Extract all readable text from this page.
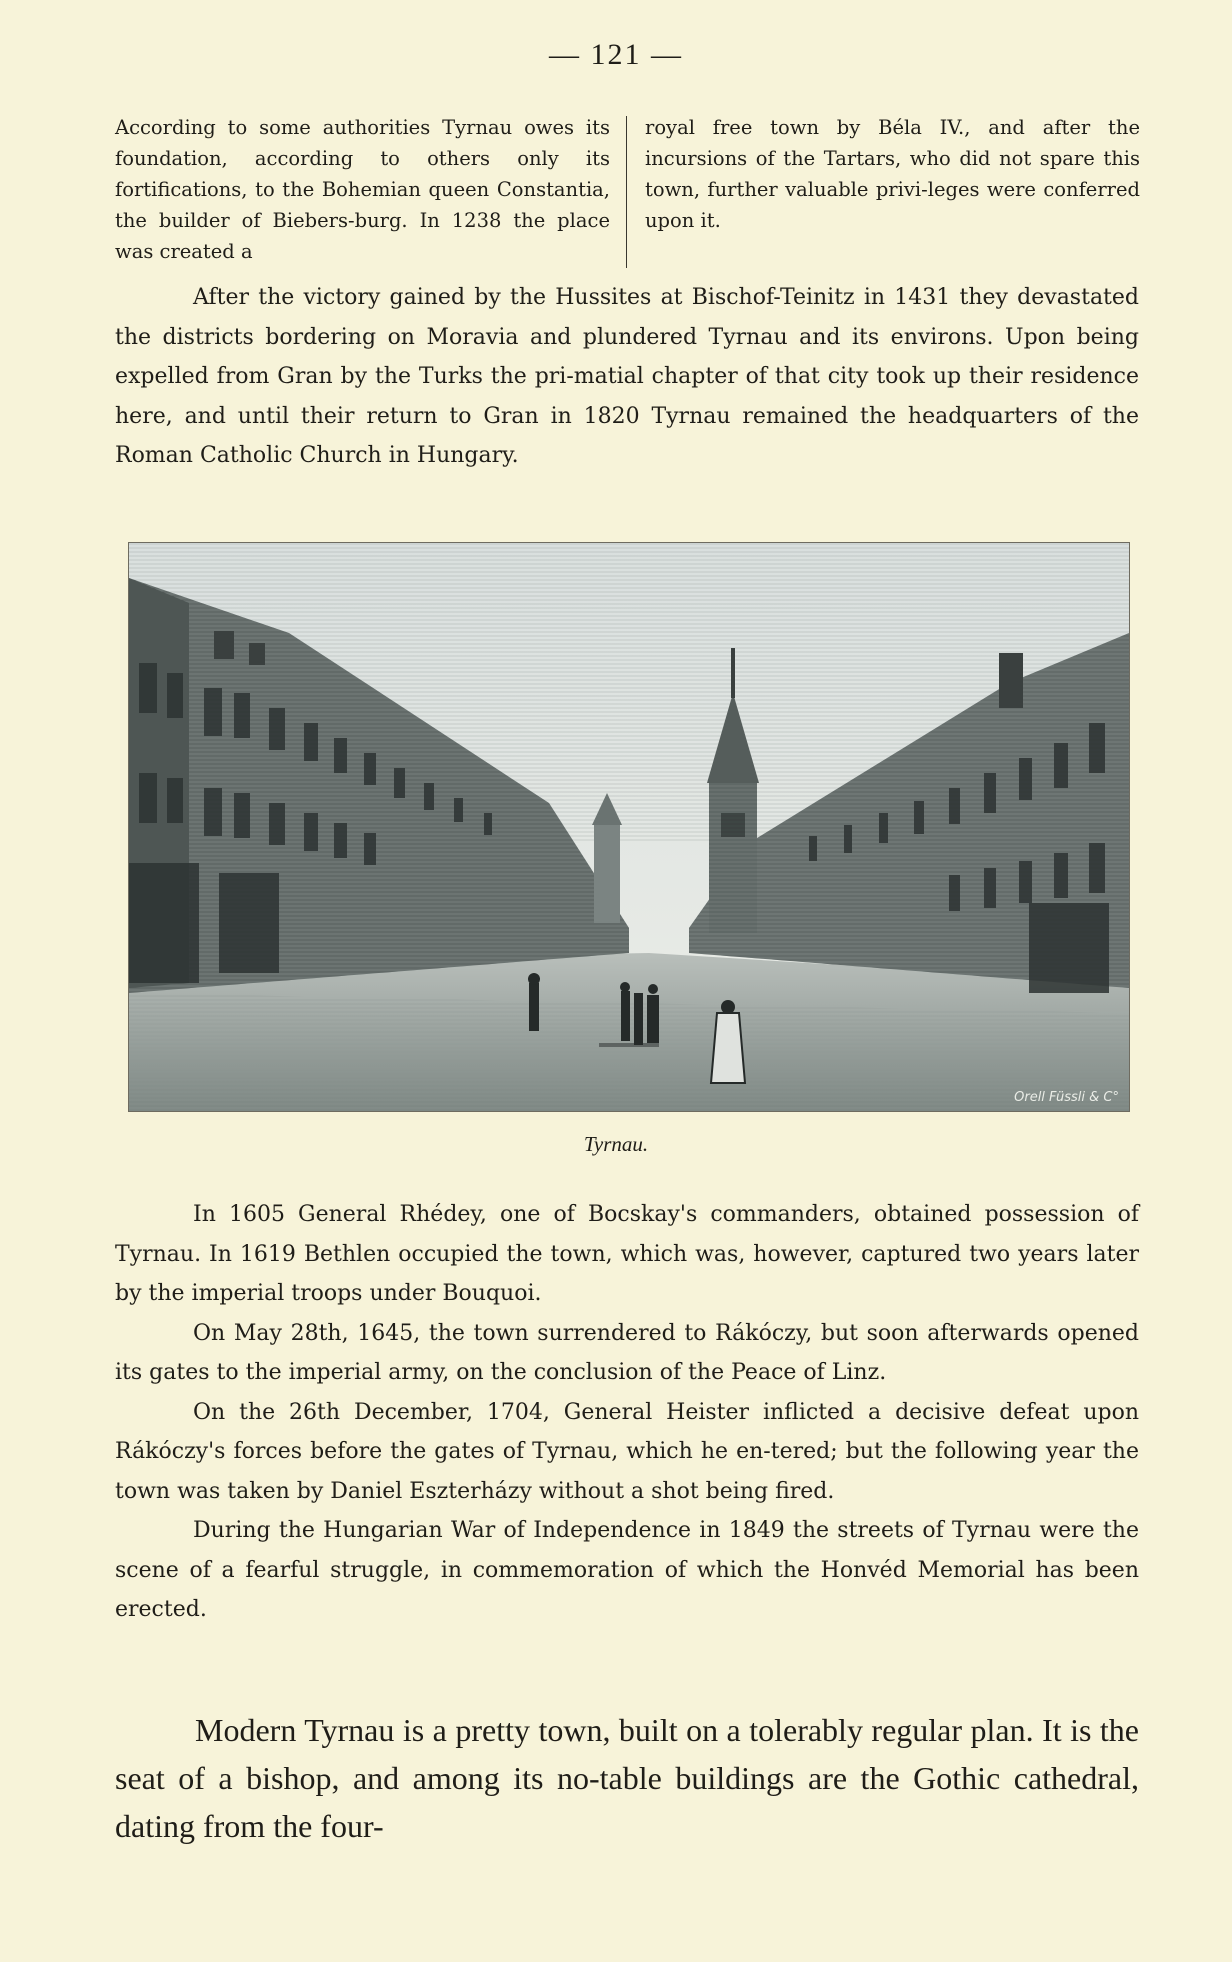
— 121 —
According to some authorities Tyrnau owes its foundation, according to others only its fortifications, to the Bohemian queen Constantia, the builder of Biebers-burg. In 1238 the place was created a
royal free town by Béla IV., and after the incursions of the Tartars, who did not spare this town, further valuable privi-leges were conferred upon it.

After the victory gained by the Hussites at Bischof-Teinitz in 1431 they devastated the districts bordering on Moravia and plundered Tyrnau and its environs. Upon being expelled from Gran by the Turks the pri-matial chapter of that city took up their residence here, and until their return to Gran in 1820 Tyrnau remained the headquarters of the Roman Catholic Church in Hungary.

Orell Füssli & C°
Tyrnau.

In 1605 General Rhédey, one of Bocskay's commanders, obtained possession of Tyrnau. In 1619 Bethlen occupied the town, which was, however, captured two years later by the imperial troops under Bouquoi.

On May 28th, 1645, the town surrendered to Rákóczy, but soon afterwards opened its gates to the imperial army, on the conclusion of the Peace of Linz.

On the 26th December, 1704, General Heister inflicted a decisive defeat upon Rákóczy's forces before the gates of Tyrnau, which he en-tered; but the following year the town was taken by Daniel Eszterházy without a shot being fired.

During the Hungarian War of Independence in 1849 the streets of Tyrnau were the scene of a fearful struggle, in commemoration of which the Honvéd Memorial has been erected.

Modern Tyrnau is a pretty town, built on a tolerably regular plan. It is the seat of a bishop, and among its no-table buildings are the Gothic cathedral, dating from the four-
